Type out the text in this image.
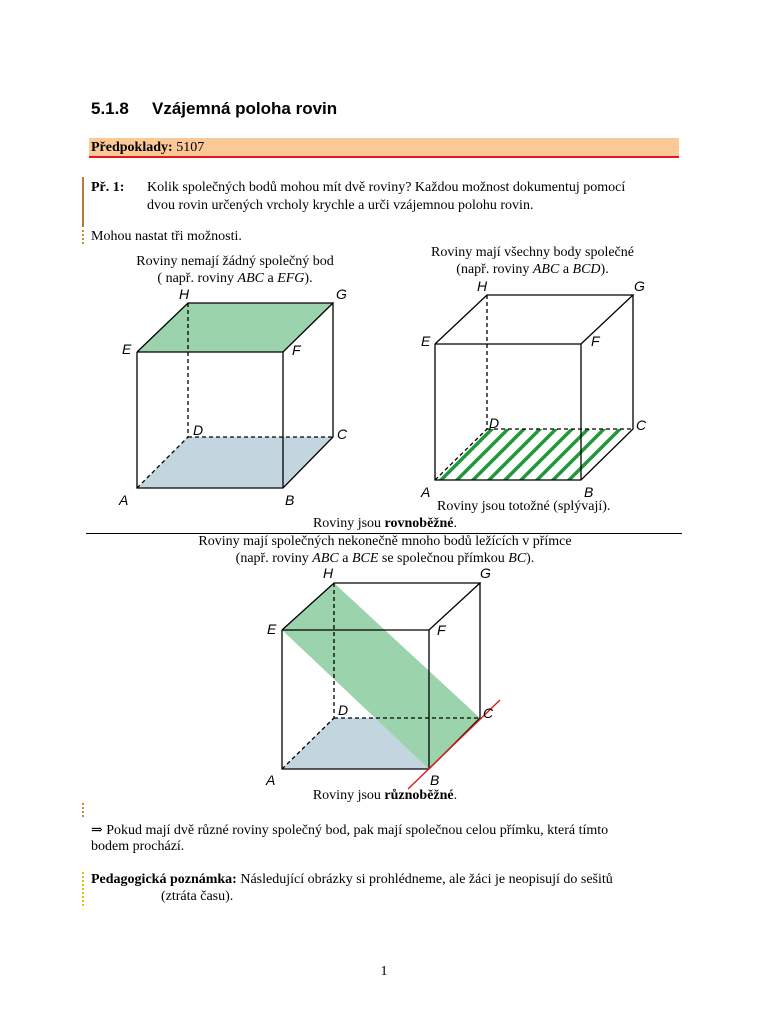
5.1.8 Vzájemná poloha rovin
Předpoklady: 5107
Př. 1: Kolik společných bodů mohou mít dvě roviny? Každou možnost dokumentuj pomocí
dvou rovin určených vrcholy krychle a urči vzájemnou polohu rovin.
Mohou nastat tři možnosti.
Roviny nemají žádný společný bod
( např. roviny ABC a EFG).
Roviny mají všechny body společné
(např. roviny ABC a BCD).
A	B
C
D
E	F
G
H
A	B
C
D
E	F
G
H
Roviny jsou totožné (splývají).
Roviny jsou rovnoběžné.
Roviny mají společných nekonečně mnoho bodů ležících v přímce
(např. roviny ABC a BCE se společnou přímkou BC).
A	B
C
D
E	F
G
H
Roviny jsou různoběžné.
⇒ Pokud mají dvě různé roviny společný bod, pak mají společnou celou přímku, která tímto
bodem prochází.
Pedagogická poznámka: Následující obrázky si prohlédneme, ale žáci je neopisují do sešitů
(ztráta času).
1
